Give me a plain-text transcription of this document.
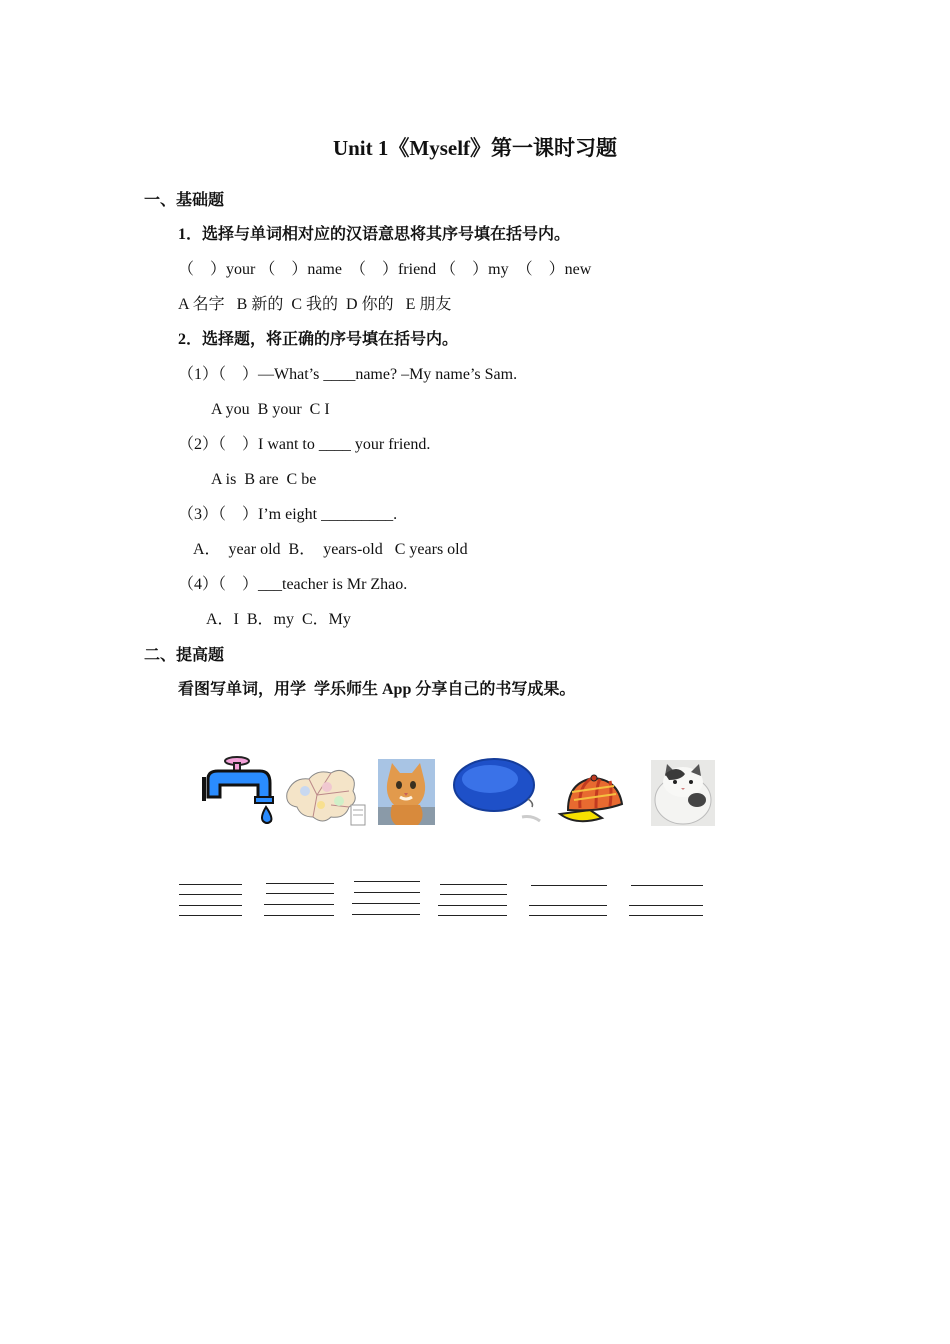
Unit 1《Myself》第一课时习题
一、基础题
1．选择与单词相对应的汉语意思将其序号填在括号内。
（    ）your （    ）name  （    ）friend （    ）my  （    ）new
A 名字   B 新的  C 我的  D 你的   E 朋友
2．选择题，将正确的序号填在括号内。
（1）（    ）—What’s ____name? –My name’s Sam.
A you  B your  C I
（2）（    ）I want to ____ your friend.
A is  B are  C be
（3）（    ）I’m eight _________.
A．  year old  B．  years-old   C years old
（4）（    ）___teacher is Mr Zhao.
A．I  B．my  C．My
二、提高题
看图写单词，用学  学乐师生 App 分享自己的书写成果。
